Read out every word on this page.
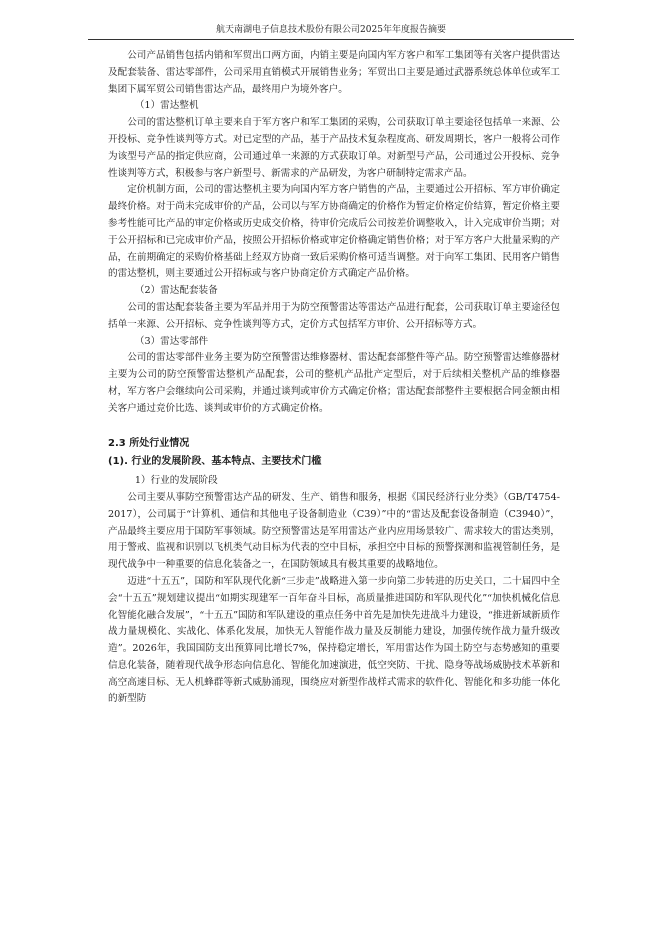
航天南湖电子信息技术股份有限公司2025年年度报告摘要

公司产品销售包括内销和军贸出口两方面，内销主要是向国内军方客户和军工集团等有关客户提供雷达及配套装备、雷达零部件，公司采用直销模式开展销售业务；军贸出口主要是通过武器系统总体单位或军工集团下属军贸公司销售雷达产品，最终用户为境外客户。

（1）雷达整机

公司的雷达整机订单主要来自于军方客户和军工集团的采购，公司获取订单主要途径包括单一来源、公开投标、竞争性谈判等方式。对已定型的产品，基于产品技术复杂程度高、研发周期长，客户一般将公司作为该型号产品的指定供应商，公司通过单一来源的方式获取订单。对新型号产品，公司通过公开投标、竞争性谈判等方式，积极参与客户新型号、新需求的产品研发，为客户研制特定需求产品。

定价机制方面，公司的雷达整机主要为向国内军方客户销售的产品，主要通过公开招标、军方审价确定最终价格。对于尚未完成审价的产品，公司以与军方协商确定的价格作为暂定价格定价结算，暂定价格主要参考性能可比产品的审定价格或历史成交价格，待审价完成后公司按差价调整收入，计入完成审价当期；对于公开招标和已完成审价产品，按照公开招标价格或审定价格确定销售价格；对于军方客户大批量采购的产品，在前期确定的采购价格基础上经双方协商一致后采购价格可适当调整。对于向军工集团、民用客户销售的雷达整机，则主要通过公开招标或与客户协商定价方式确定产品价格。

（2）雷达配套装备

公司的雷达配套装备主要为军品并用于为防空预警雷达等雷达产品进行配套，公司获取订单主要途径包括单一来源、公开招标、竞争性谈判等方式，定价方式包括军方审价、公开招标等方式。

（3）雷达零部件

公司的雷达零部件业务主要为防空预警雷达维修器材、雷达配套部整件等产品。防空预警雷达维修器材主要为公司的防空预警雷达整机产品配套，公司的整机产品批产定型后，对于后续相关整机产品的维修器材，军方客户会继续向公司采购，并通过谈判或审价方式确定价格；雷达配套部整件主要根据合同金额由相关客户通过竞价比选、谈判或审价的方式确定价格。

2.3 所处行业情况
(1). 行业的发展阶段、基本特点、主要技术门槛

1）行业的发展阶段

公司主要从事防空预警雷达产品的研发、生产、销售和服务，根据《国民经济行业分类》（GB/T4754-2017），公司属于“计算机、通信和其他电子设备制造业（C39）”中的“雷达及配套设备制造（C3940）”，产品最终主要应用于国防军事领域。防空预警雷达是军用雷达产业内应用场景较广、需求较大的雷达类别，用于警戒、监视和识别以飞机类气动目标为代表的空中目标，承担空中目标的预警探测和监视管制任务，是现代战争中一种重要的信息化装备之一，在国防领域具有极其重要的战略地位。

迈进“十五五”，国防和军队现代化新“三步走”战略进入第一步向第二步转进的历史关口，二十届四中全会“十五五”规划建议提出“如期实现建军一百年奋斗目标，高质量推进国防和军队现代化”“加快机械化信息化智能化融合发展”，“十五五”国防和军队建设的重点任务中首先是加快先进战斗力建设，“推进新域新质作战力量规模化、实战化、体系化发展，加快无人智能作战力量及反制能力建设，加强传统作战力量升级改造”。2026年，我国国防支出预算同比增长7%，保持稳定增长，军用雷达作为国土防空与态势感知的重要信息化装备，随着现代战争形态向信息化、智能化加速演进，低空突防、干扰、隐身等战场威胁技术革新和高空高速目标、无人机蜂群等新式威胁涌现，围绕应对新型作战样式需求的软件化、智能化和多功能一体化的新型防
